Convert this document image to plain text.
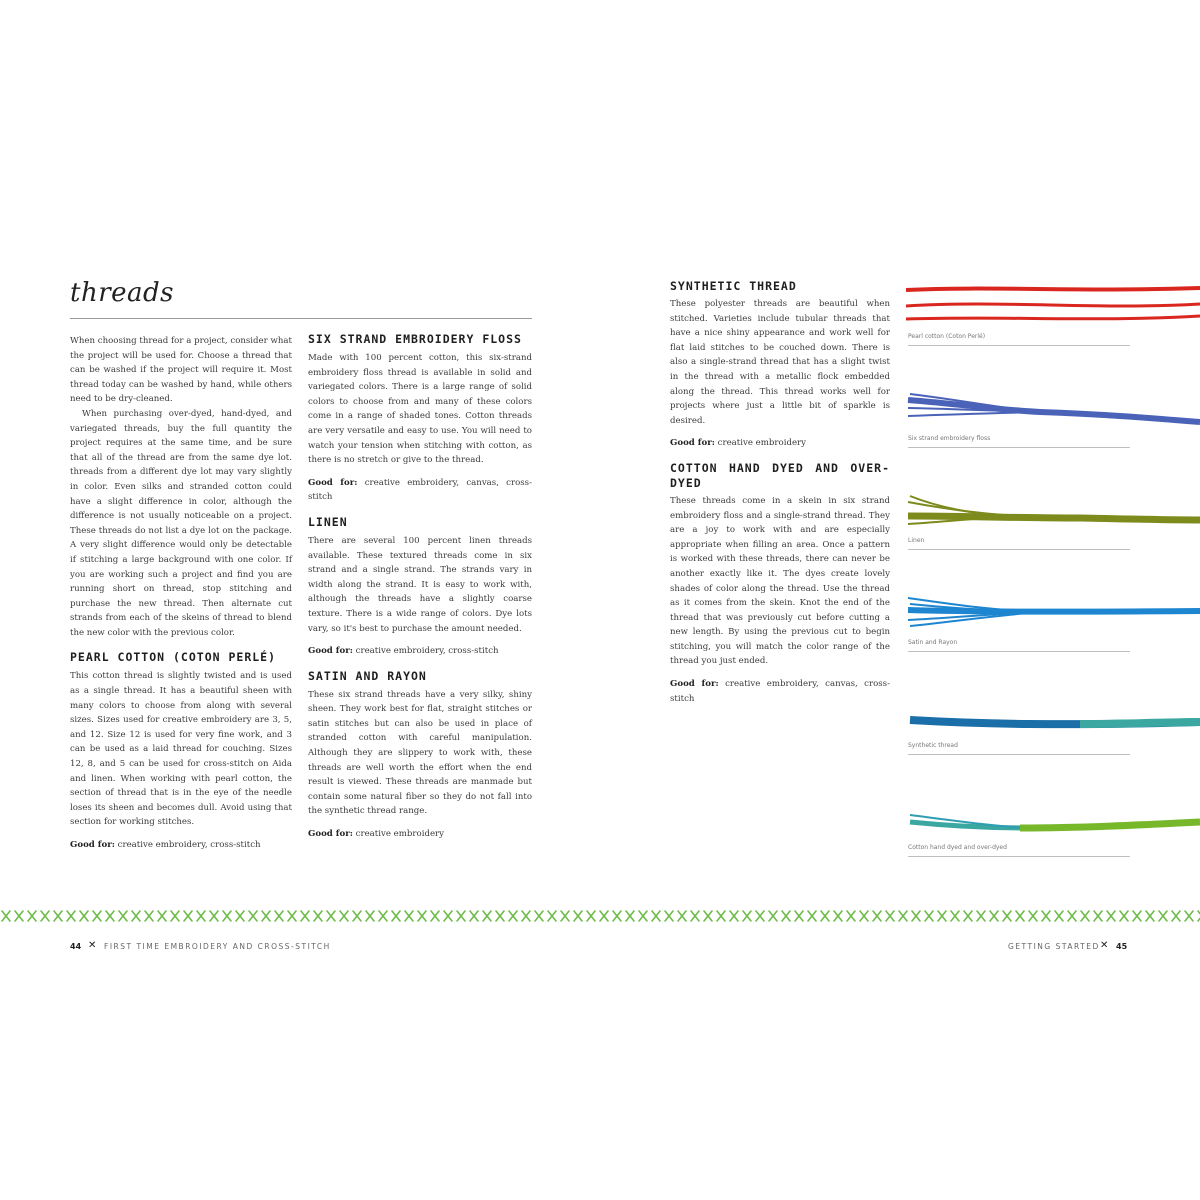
threads

When choosing thread for a project, consider what the project will be used for. Choose a thread that can be washed if the project will require it. Most thread today can be washed by hand, while others need to be dry-cleaned.

When purchasing over-dyed, hand-dyed, and variegated threads, buy the full quantity the project requires at the same time, and be sure that all of the thread are from the same dye lot. threads from a different dye lot may vary slightly in color. Even silks and stranded cotton could have a slight difference in color, although the difference is not usually noticeable on a project. These threads do not list a dye lot on the package. A very slight difference would only be detectable if stitching a large background with one color. If you are working such a project and find you are running short on thread, stop stitching and purchase the new thread. Then alternate cut strands from each of the skeins of thread to blend the new color with the previous color.

PEARL COTTON (COTON PERLÉ)

This cotton thread is slightly twisted and is used as a single thread. It has a beautiful sheen with many colors to choose from along with several sizes. Sizes used for creative embroidery are 3, 5, and 12. Size 12 is used for very fine work, and 3 can be used as a laid thread for couching. Sizes 12, 8, and 5 can be used for cross-stitch on Aida and linen. When working with pearl cotton, the section of thread that is in the eye of the needle loses its sheen and becomes dull. Avoid using that section for working stitches.

Good for: creative embroidery, cross-stitch

SIX STRAND EMBROIDERY FLOSS

Made with 100 percent cotton, this six-strand embroidery floss thread is available in solid and variegated colors. There is a large range of solid colors to choose from and many of these colors come in a range of shaded tones. Cotton threads are very versatile and easy to use. You will need to watch your tension when stitching with cotton, as there is no stretch or give to the thread.

Good for: creative embroidery, canvas, cross-stitch

LINEN

There are several 100 percent linen threads available. These textured threads come in six strand and a single strand. The strands vary in width along the strand. It is easy to work with, although the threads have a slightly coarse texture. There is a wide range of colors. Dye lots vary, so it's best to purchase the amount needed.

Good for: creative embroidery, cross-stitch

SATIN AND RAYON

These six strand threads have a very silky, shiny sheen. They work best for flat, straight stitches or satin stitches but can also be used in place of stranded cotton with careful manipulation. Although they are slippery to work with, these threads are well worth the effort when the end result is viewed. These threads are manmade but contain some natural fiber so they do not fall into the synthetic thread range.

Good for: creative embroidery

SYNTHETIC THREAD

These polyester threads are beautiful when stitched. Varieties include tubular threads that have a nice shiny appearance and work well for flat laid stitches to be couched down. There is also a single-strand thread that has a slight twist in the thread with a metallic flock embedded along the thread. This thread works well for projects where just a little bit of sparkle is desired.

Good for: creative embroidery

COTTON HAND DYED AND OVER-DYED

These threads come in a skein in six strand embroidery floss and a single-strand thread. They are a joy to work with and are especially appropriate when filling an area. Once a pattern is worked with these threads, there can never be another exactly like it. The dyes create lovely shades of color along the thread. Use the thread as it comes from the skein. Knot the end of the thread that was previously cut before cutting a new length. By using the previous cut to begin stitching, you will match the color range of the thread you just ended.

Good for: creative embroidery, canvas, cross-stitch

Pearl cotton (Coton Perlé)
Six strand embroidery floss
Linen
Satin and Rayon
Synthetic thread
Cotton hand dyed and over-dyed
44 ✕ FIRST TIME EMBROIDERY AND CROSS-STITCH	GETTING STARTED ✕ 45
